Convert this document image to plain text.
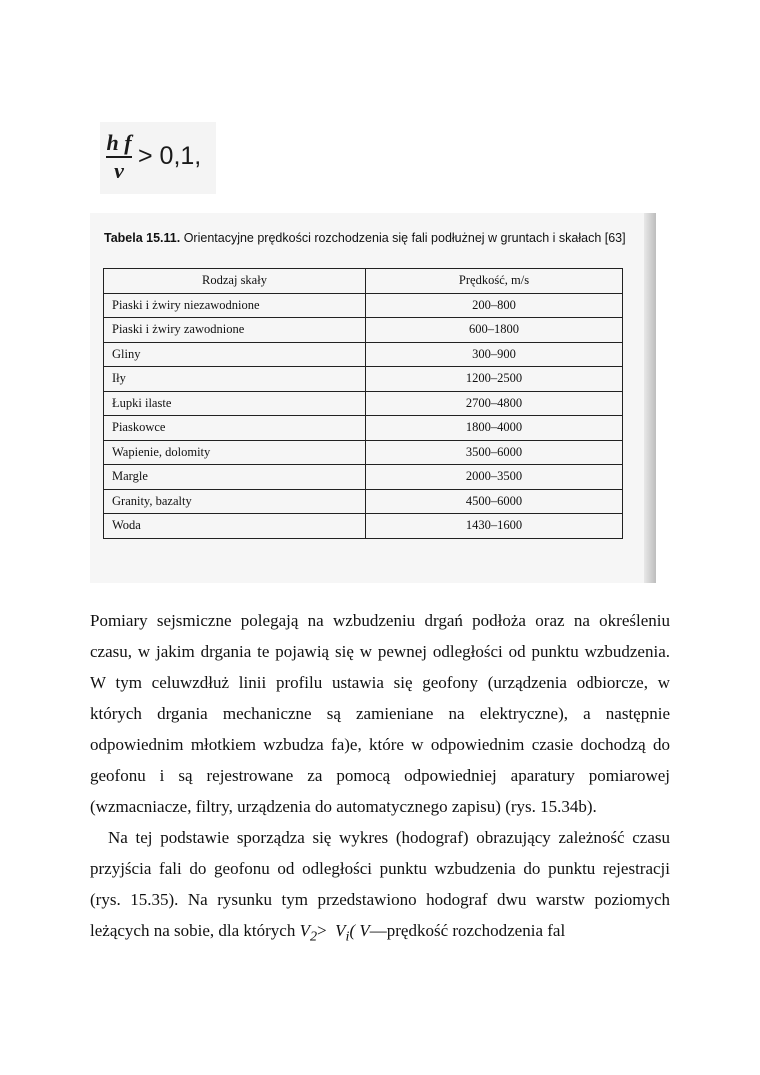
h f
v
> 0,1,
Tabela 15.11. Orientacyjne prędkości rozchodzenia się fali podłużnej w gruntach i skałach [63]
Rodzaj skały	Prędkość, m/s
Piaski i żwiry niezawodnione	200–800
Piaski i żwiry zawodnione	600–1800
Gliny	300–900
Iły	1200–2500
Łupki ilaste	2700–4800
Piaskowce	1800–4000
Wapienie, dolomity	3500–6000
Margle	2000–3500
Granity, bazalty	4500–6000
Woda	1430–1600

Pomiary sejsmiczne polegają na wzbudzeniu drgań podłoża oraz na określeniu czasu, w jakim drgania te pojawią się w pewnej odległości od punktu wzbudzenia. W tym celuwzdłuż linii profilu ustawia się geofony (urządzenia odbiorcze, w których drgania mechaniczne są zamieniane na elektryczne), a następnie odpowiednim młotkiem wzbudza fa)e, które w odpowiednim czasie dochodzą do geofonu i są rejestrowane za pomocą odpowiedniej aparatury pomiarowej (wzmacniacze, filtry, urządzenia do automatycznego zapisu) (rys. 15.34b).

Na tej podstawie sporządza się wykres (hodograf) obrazujący zależność czasu przyjścia fali do geofonu od odległości punktu wzbudzenia do punktu rejestracji (rys. 15.35). Na rysunku tym przedstawiono hodograf dwu warstw poziomych leżących na sobie, dla których $V_2> V_i$( V—prędkość rozchodzenia fal
